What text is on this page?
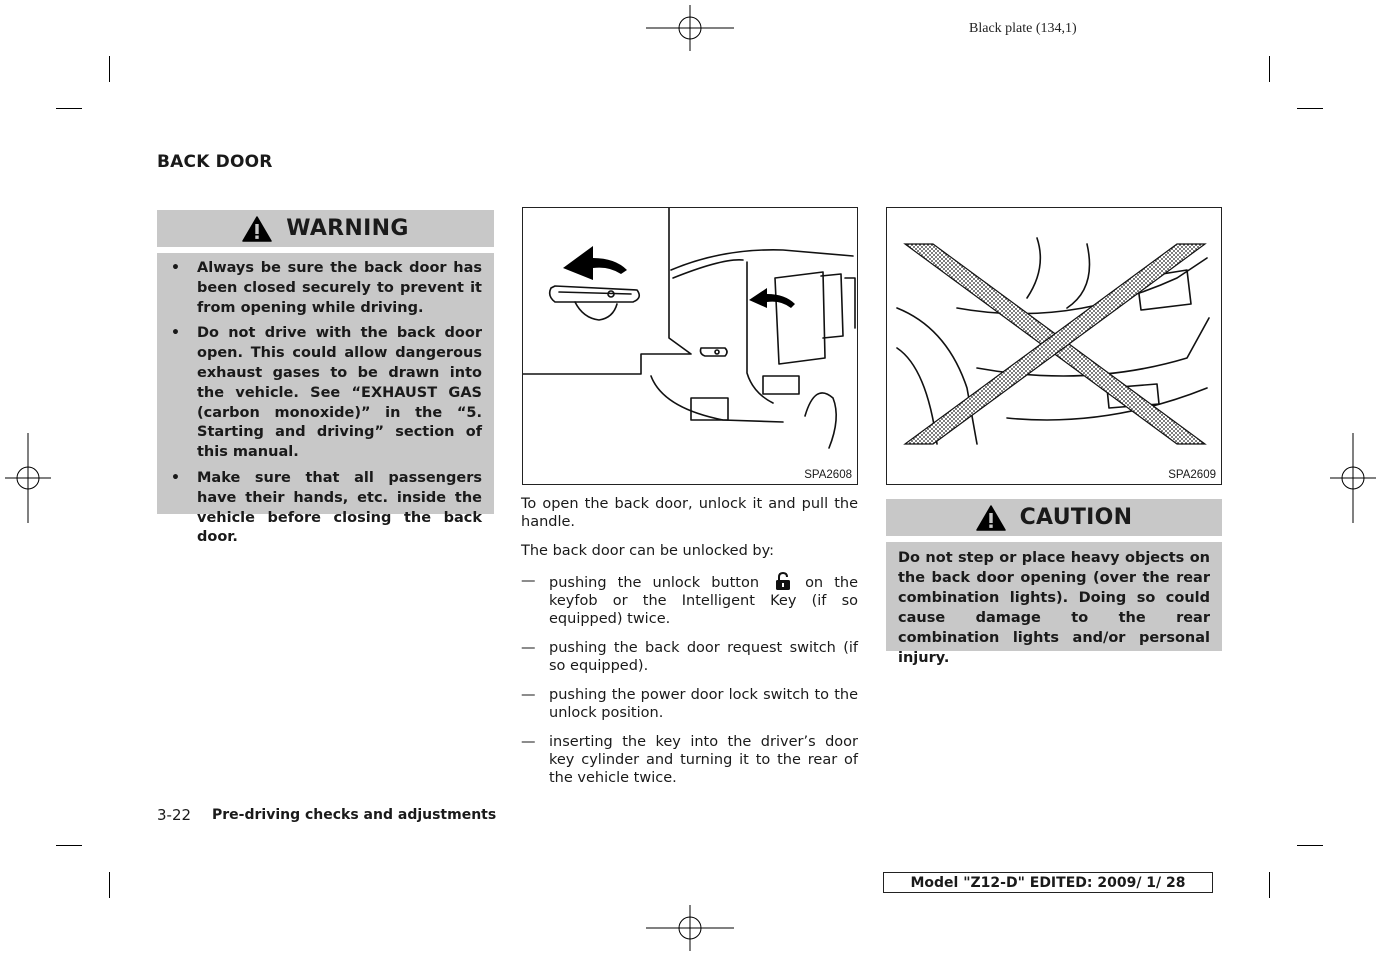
Black plate (134,1)
BACK DOOR
WARNING
• Always be sure the back door has been closed securely to prevent it from opening while driving.
• Do not drive with the back door open. This could allow dangerous exhaust gases to be drawn into the vehicle. See “EXHAUST GAS (carbon monoxide)” in the “5. Starting and driving” section of this manual.
• Make sure that all passengers have their hands, etc. inside the vehicle before closing the back door.
SPA2608	SPA2609

To open the back door, unlock it and pull the handle.

The back door can be unlocked by:

— pushing the unlock button	on the keyfob or the Intelligent Key (if so equipped) twice.
— pushing the back door request switch (if so equipped).
— pushing the power door lock switch to the unlock position.
— inserting the key into the driver’s door key cylinder and turning it to the rear of the vehicle twice.
CAUTION
Do not step or place heavy objects on the back door opening (over the rear combination lights). Doing so could cause damage to the rear combination lights and/or personal injury.
3-22 Pre-driving checks and adjustments
Model "Z12-D" EDITED: 2009/ 1/ 28
